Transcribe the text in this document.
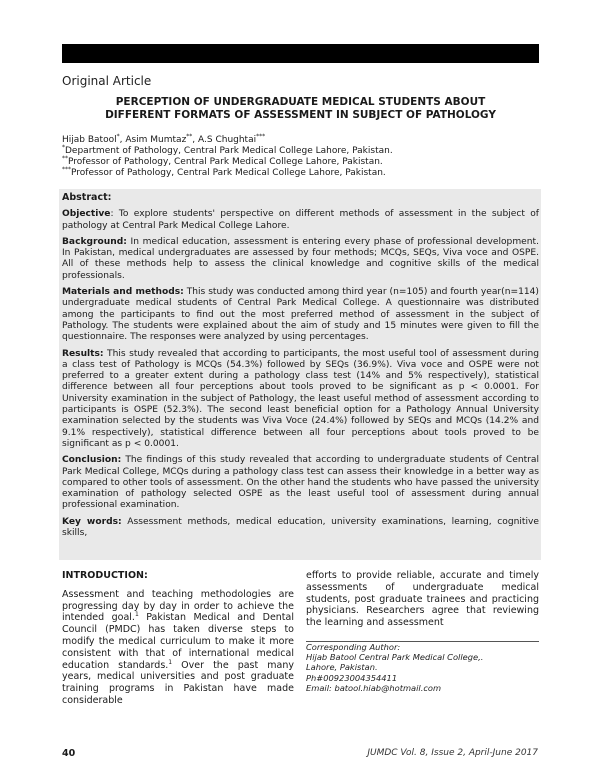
Original Article
PERCEPTION OF UNDERGRADUATE MEDICAL STUDENTS ABOUT
DIFFERENT FORMATS OF ASSESSMENT IN SUBJECT OF PATHOLOGY
Hijab Batool*, Asim Mumtaz**, A.S Chughtai***
*Department of Pathology, Central Park Medical College Lahore, Pakistan.
**Professor of Pathology, Central Park Medical College Lahore, Pakistan.
***Professor of Pathology, Central Park Medical College Lahore, Pakistan.

Abstract:

Objective: To explore students' perspective on different methods of assessment in the subject of pathology at Central Park Medical College Lahore.

Background: In medical education, assessment is entering every phase of professional development. In Pakistan, medical undergraduates are assessed by four methods; MCQs, SEQs, Viva voce and OSPE. All of these methods help to assess the clinical knowledge and cognitive skills of the medical professionals.

Materials and methods: This study was conducted among third year (n=105) and fourth year(n=114) undergraduate medical students of Central Park Medical College. A questionnaire was distributed among the participants to find out the most preferred method of assessment in the subject of Pathology. The students were explained about the aim of study and 15 minutes were given to fill the questionnaire. The responses were analyzed by using percentages.

Results: This study revealed that according to participants, the most useful tool of assessment during a class test of Pathology is MCQs (54.3%) followed by SEQs (36.9%). Viva voce and OSPE were not preferred to a greater extent during a pathology class test (14% and 5% respectively), statistical difference between all four perceptions about tools proved to be significant as p < 0.0001. For University examination in the subject of Pathology, the least useful method of assessment according to participants is OSPE (52.3%). The second least beneficial option for a Pathology Annual University examination selected by the students was Viva Voce (24.4%) followed by SEQs and MCQs (14.2% and 9.1% respectively), statistical difference between all four perceptions about tools proved to be significant as p < 0.0001.

Conclusion: The findings of this study revealed that according to undergraduate students of Central Park Medical College, MCQs during a pathology class test can assess their knowledge in a better way as compared to other tools of assessment. On the other hand the students who have passed the university examination of pathology selected OSPE as the least useful tool of assessment during annual professional examination.

Key words: Assessment methods, medical education, university examinations, learning, cognitive skills,

INTRODUCTION:
Assessment and teaching methodologies are progressing day by day in order to achieve the intended goal.$^1$ Pakistan Medical and Dental Council (PMDC) has taken diverse steps to modify the medical curriculum to make it more consistent with that of international medical education standards.$^1$ Over the past many years, medical universities and post graduate training programs in Pakistan have made considerable
efforts to provide reliable, accurate and timely assessments of undergraduate medical students, post graduate trainees and practicing physicians. Researchers agree that reviewing the learning and assessment
Corresponding Author:
Hijab Batool Central Park Medical College,.
Lahore, Pakistan.
Ph#00923004354411
Email: batool.hiab@hotmail.com
40	JUMDC Vol. 8, Issue 2, April-June 2017
